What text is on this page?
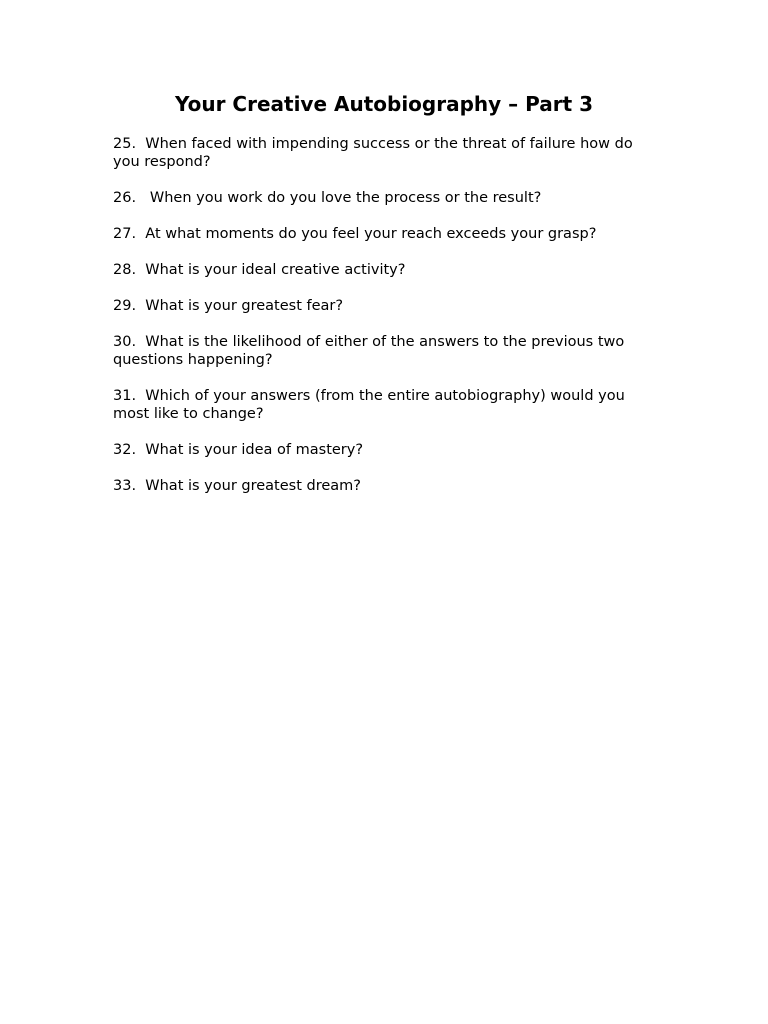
Your Creative Autobiography – Part 3
25.  When faced with impending success or the threat of failure how do you respond?
26.   When you work do you love the process or the result?
27.  At what moments do you feel your reach exceeds your grasp?
28.  What is your ideal creative activity?
29.  What is your greatest fear?
30.  What is the likelihood of either of the answers to the previous two questions happening?
31.  Which of your answers (from the entire autobiography) would you most like to change?
32.  What is your idea of mastery?
33.  What is your greatest dream?
